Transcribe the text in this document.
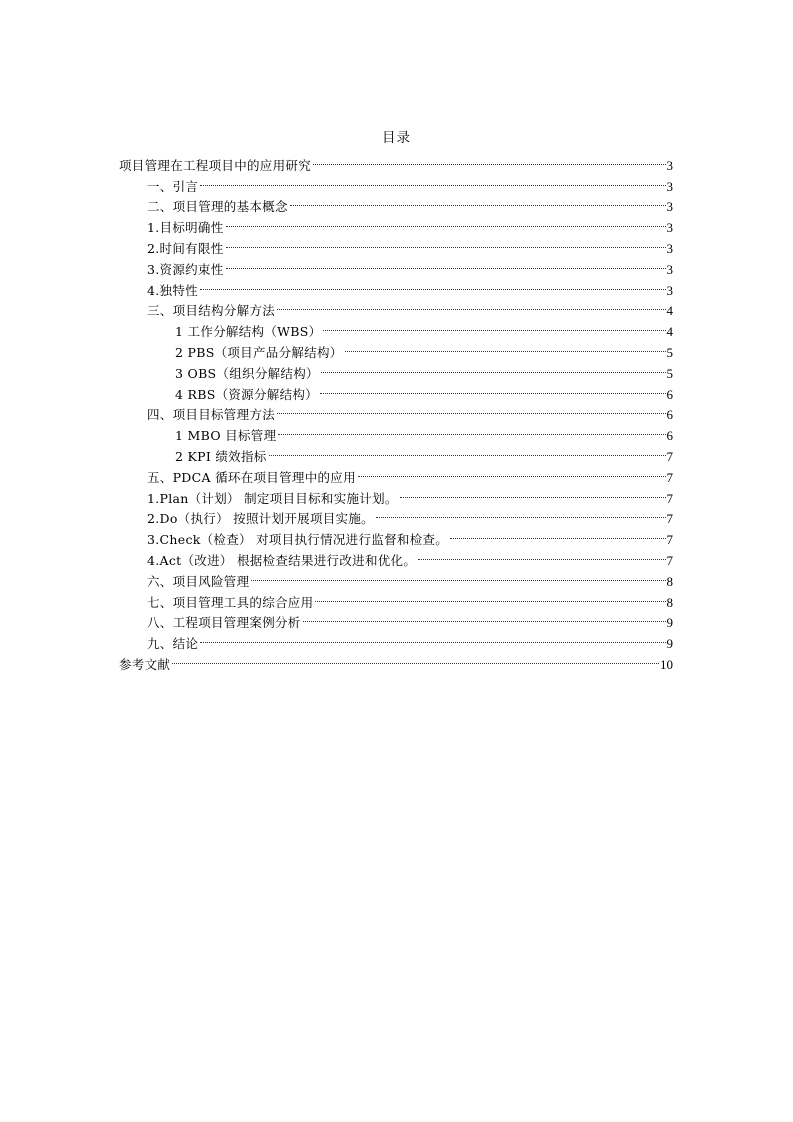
目录
项目管理在工程项目中的应用研究	3
一、引言	3
二、项目管理的基本概念	3
1.目标明确性	3
2.时间有限性	3
3.资源约束性	3
4.独特性	3
三、项目结构分解方法	4
1 工作分解结构（WBS）	4
2 PBS（项目产品分解结构）	5
3 OBS（组织分解结构）	5
4 RBS（资源分解结构）	6
四、项目目标管理方法	6
1 MBO 目标管理	6
2 KPI 绩效指标	7
五、PDCA 循环在项目管理中的应用	7
1.Plan（计划） 制定项目目标和实施计划。	7
2.Do（执行） 按照计划开展项目实施。	7
3.Check（检查） 对项目执行情况进行监督和检查。	7
4.Act（改进） 根据检查结果进行改进和优化。	7
六、项目风险管理	8
七、项目管理工具的综合应用	8
八、工程项目管理案例分析	9
九、结论	9
参考文献	10
